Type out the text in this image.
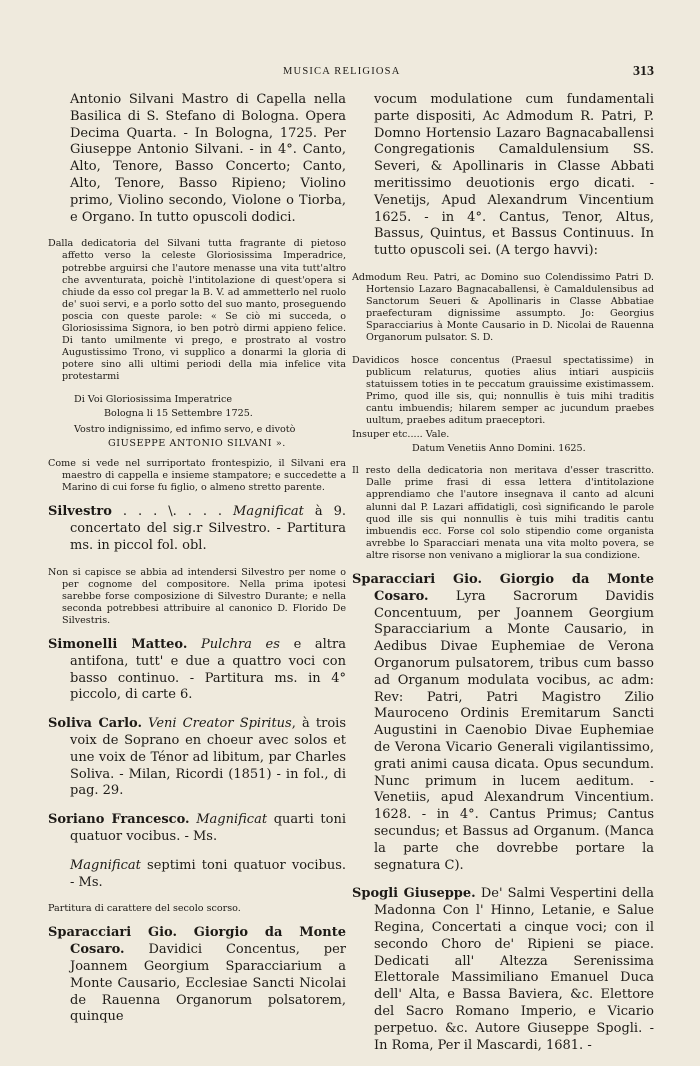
MUSICA RELIGIOSA	313

Antonio Silvani Mastro di Capella nella Basilica di S. Stefano di Bologna. Opera Decima Quarta. - In Bologna, 1725. Per Giuseppe Antonio Silvani. - in 4°. Canto, Alto, Tenore, Basso Concerto; Canto, Alto, Tenore, Basso Ripieno; Violino primo, Violino secondo, Violone o Tiorba, e Organo. In tutto opuscoli dodici.

Dalla dedicatoria del Silvani tutta fragrante di pietoso affetto verso la celeste Gloriosissima Imperadrice, potrebbe arguirsi che l'autore menasse una vita tutt'altro che avventurata, poichè l'intitolazione di quest'opera si chiude da esso col pregar la B. V. ad ammetterlo nel ruolo de' suoi servi, e a porlo sotto del suo manto, proseguendo poscia con queste parole: « Se ciò mi succeda, o Gloriosissima Signora, io ben potrò dirmi appieno felice. Di tanto umilmente vi prego, e prostrato al vostro Augustissimo Trono, vi supplico a donarmi la gloria di potere sino alli ultimi periodi della mia infelice vita protestarmi

Di Voi Gloriosissima Imperatrice

Bologna li 15 Settembre 1725.

Vostro indignissimo, ed infimo servo, e divotò

GIUSEPPE ANTONIO SILVANI ».

Come si vede nel surriportato frontespizio, il Silvani era maestro di cappella e insieme stampatore; e succedette a Marino di cui forse fu figlio, o almeno stretto parente.

Silvestro . . . \. . . . Magnificat à 9. concertato del sig.r Silvestro. - Partitura ms. in piccol fol. obl.

Non si capisce se abbia ad intendersi Silvestro per nome o per cognome del compositore. Nella prima ipotesi sarebbe forse composizione di Silvestro Durante; e nella seconda potrebbesi attribuire al canonico D. Florido De Silvestris.

Simonelli Matteo. Pulchra es e altra antifona, tutt' e due a quattro voci con basso continuo. - Partitura ms. in 4° piccolo, di carte 6.

Soliva Carlo. Veni Creator Spiritus, à trois voix de Soprano en choeur avec solos et une voix de Ténor ad libitum, par Charles Soliva. - Milan, Ricordi (1851) - in fol., di pag. 29.

Soriano Francesco. Magnificat quarti toni quatuor vocibus. - Ms.

Magnificat septimi toni quatuor vocibus. - Ms.

Partitura di carattere del secolo scorso.

Sparacciari Gio. Giorgio da Monte Cosaro. Davidici Concentus, per Joannem Georgium Sparacciarium a Monte Causario, Ecclesiae Sancti Nicolai de Rauenna Organorum polsatorem, quinque

vocum modulatione cum fundamentali parte dispositi, Ac Admodum R. Patri, P. Domno Hortensio Lazaro Bagnacaballensi Congregationis Camaldulensium SS. Severi, & Apollinaris in Classe Abbati meritissimo deuotionis ergo dicati. - Venetijs, Apud Alexandrum Vincentium 1625. - in 4°. Cantus, Tenor, Altus, Bassus, Quintus, et Bassus Continuus. In tutto opuscoli sei. (A tergo havvi):

Admodum Reu. Patri, ac Domino suo Colendissimo Patri D. Hortensio Lazaro Bagnacaballensi, è Camaldulensibus ad Sanctorum Seueri & Apollinaris in Classe Abbatiae praefecturam dignissime assumpto. Jo: Georgius Sparacciarius à Monte Causario in D. Nicolai de Rauenna Organorum pulsator. S. D.

Davidicos hosce concentus (Praesul spectatissime) in publicum relaturus, quoties alius intiari auspiciis statuissem toties in te peccatum grauissime existimassem. Primo, quod ille sis, qui; nonnullis è tuis mihi traditis cantu imbuendis; hilarem semper ac jucundum praebes uultum, praebes aditum praeceptori.

Insuper etc..... Vale.

Datum Venetiis Anno Domini. 1625.

Il resto della dedicatoria non meritava d'esser trascritto. Dalle prime frasi di essa lettera d'intitolazione apprendiamo che l'autore insegnava il canto ad alcuni alunni dal P. Lazari affidatigli, così significando le parole quod ille sis qui nonnullis è tuis mihi traditis cantu imbuendis ecc. Forse col solo stipendio come organista avrebbe lo Sparacciari menata una vita molto povera, se altre risorse non venivano a migliorar la sua condizione.

Sparacciari Gio. Giorgio da Monte Cosaro. Lyra Sacrorum Davidis Concentuum, per Joannem Georgium Sparacciarium a Monte Causario, in Aedibus Divae Euphemiae de Verona Organorum pulsatorem, tribus cum basso ad Organum modulata vocibus, ac adm: Rev: Patri, Patri Magistro Zilio Mauroceno Ordinis Eremitarum Sancti Augustini in Caenobio Divae Euphemiae de Verona Vicario Generali vigilantissimo, grati animi causa dicata. Opus secundum. Nunc primum in lucem aeditum. - Venetiis, apud Alexandrum Vincentium. 1628. - in 4°. Cantus Primus; Cantus secundus; et Bassus ad Organum. (Manca la parte che dovrebbe portare la segnatura C).

Spogli Giuseppe. De' Salmi Vespertini della Madonna Con l' Hinno, Letanie, e Salue Regina, Concertati a cinque voci; con il secondo Choro de' Ripieni se piace. Dedicati all' Altezza Serenissima Elettorale Massimiliano Emanuel Duca dell' Alta, e Bassa Baviera, &c. Elettore del Sacro Romano Imperio, e Vicario perpetuo. &c. Autore Giuseppe Spogli. - In Roma, Per il Mascardi, 1681. -
